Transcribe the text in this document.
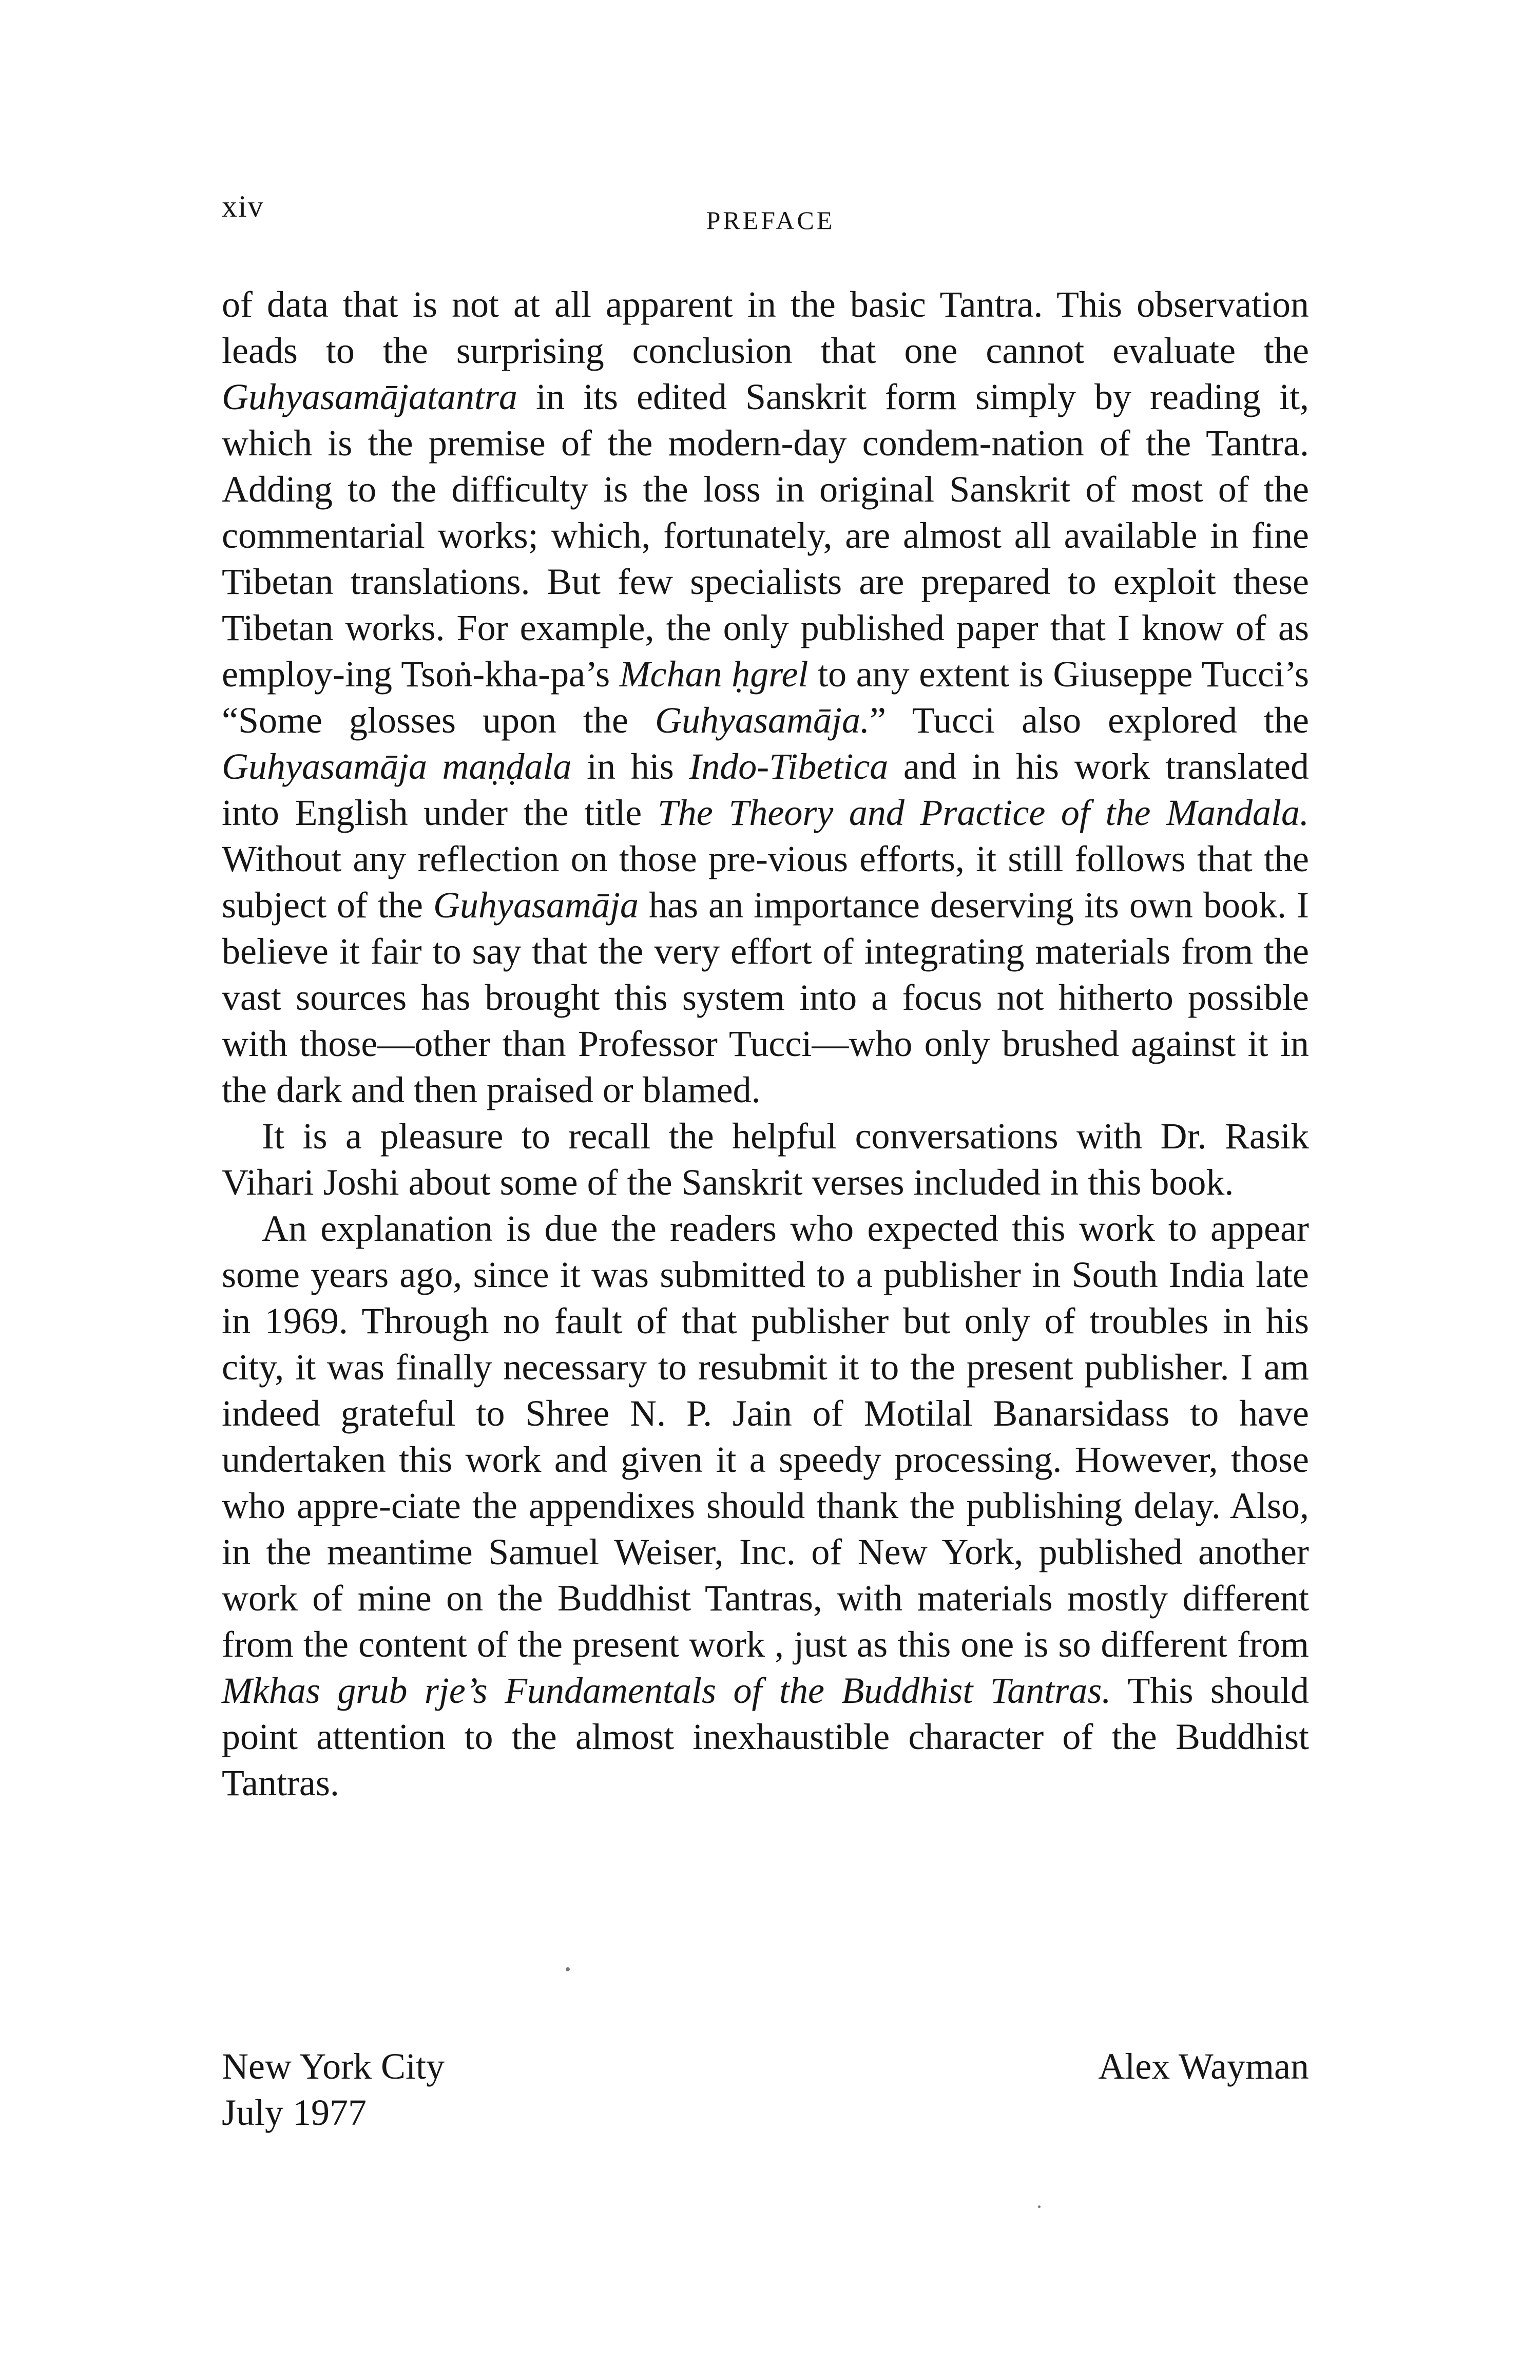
xiv	PREFACE

of data that is not at all apparent in the basic Tantra. This observation leads to the surprising conclusion that one cannot evaluate the Guhyasamājatantra in its edited Sanskrit form simply by reading it, which is the premise of the modern-day condem-nation of the Tantra. Adding to the difficulty is the loss in original Sanskrit of most of the commentarial works; which, fortunately, are almost all available in fine Tibetan translations. But few specialists are prepared to exploit these Tibetan works. For example, the only published paper that I know of as employ-ing Tsoṅ-kha-pa’s Mchan ḥgrel to any extent is Giuseppe Tucci’s “Some glosses upon the Guhyasamāja.” Tucci also explored the Guhyasamāja maṇḍala in his Indo-Tibetica and in his work translated into English under the title The Theory and Practice of the Mandala. Without any reflection on those pre-vious efforts, it still follows that the subject of the Guhyasamāja has an importance deserving its own book. I believe it fair to say that the very effort of integrating materials from the vast sources has brought this system into a focus not hitherto possible with those—other than Professor Tucci—who only brushed against it in the dark and then praised or blamed.

It is a pleasure to recall the helpful conversations with Dr. Rasik Vihari Joshi about some of the Sanskrit verses included in this book.

An explanation is due the readers who expected this work to appear some years ago, since it was submitted to a publisher in South India late in 1969. Through no fault of that publisher but only of troubles in his city, it was finally necessary to resubmit it to the present publisher. I am indeed grateful to Shree N. P. Jain of Motilal Banarsidass to have undertaken this work and given it a speedy processing. However, those who appre-ciate the appendixes should thank the publishing delay. Also, in the meantime Samuel Weiser, Inc. of New York, published another work of mine on the Buddhist Tantras, with materials mostly different from the content of the present work , just as this one is so different from Mkhas grub rje’s Fundamentals of the Buddhist Tantras. This should point attention to the almost inexhaustible character of the Buddhist Tantras.

New York City
July 1977
Alex Wayman
